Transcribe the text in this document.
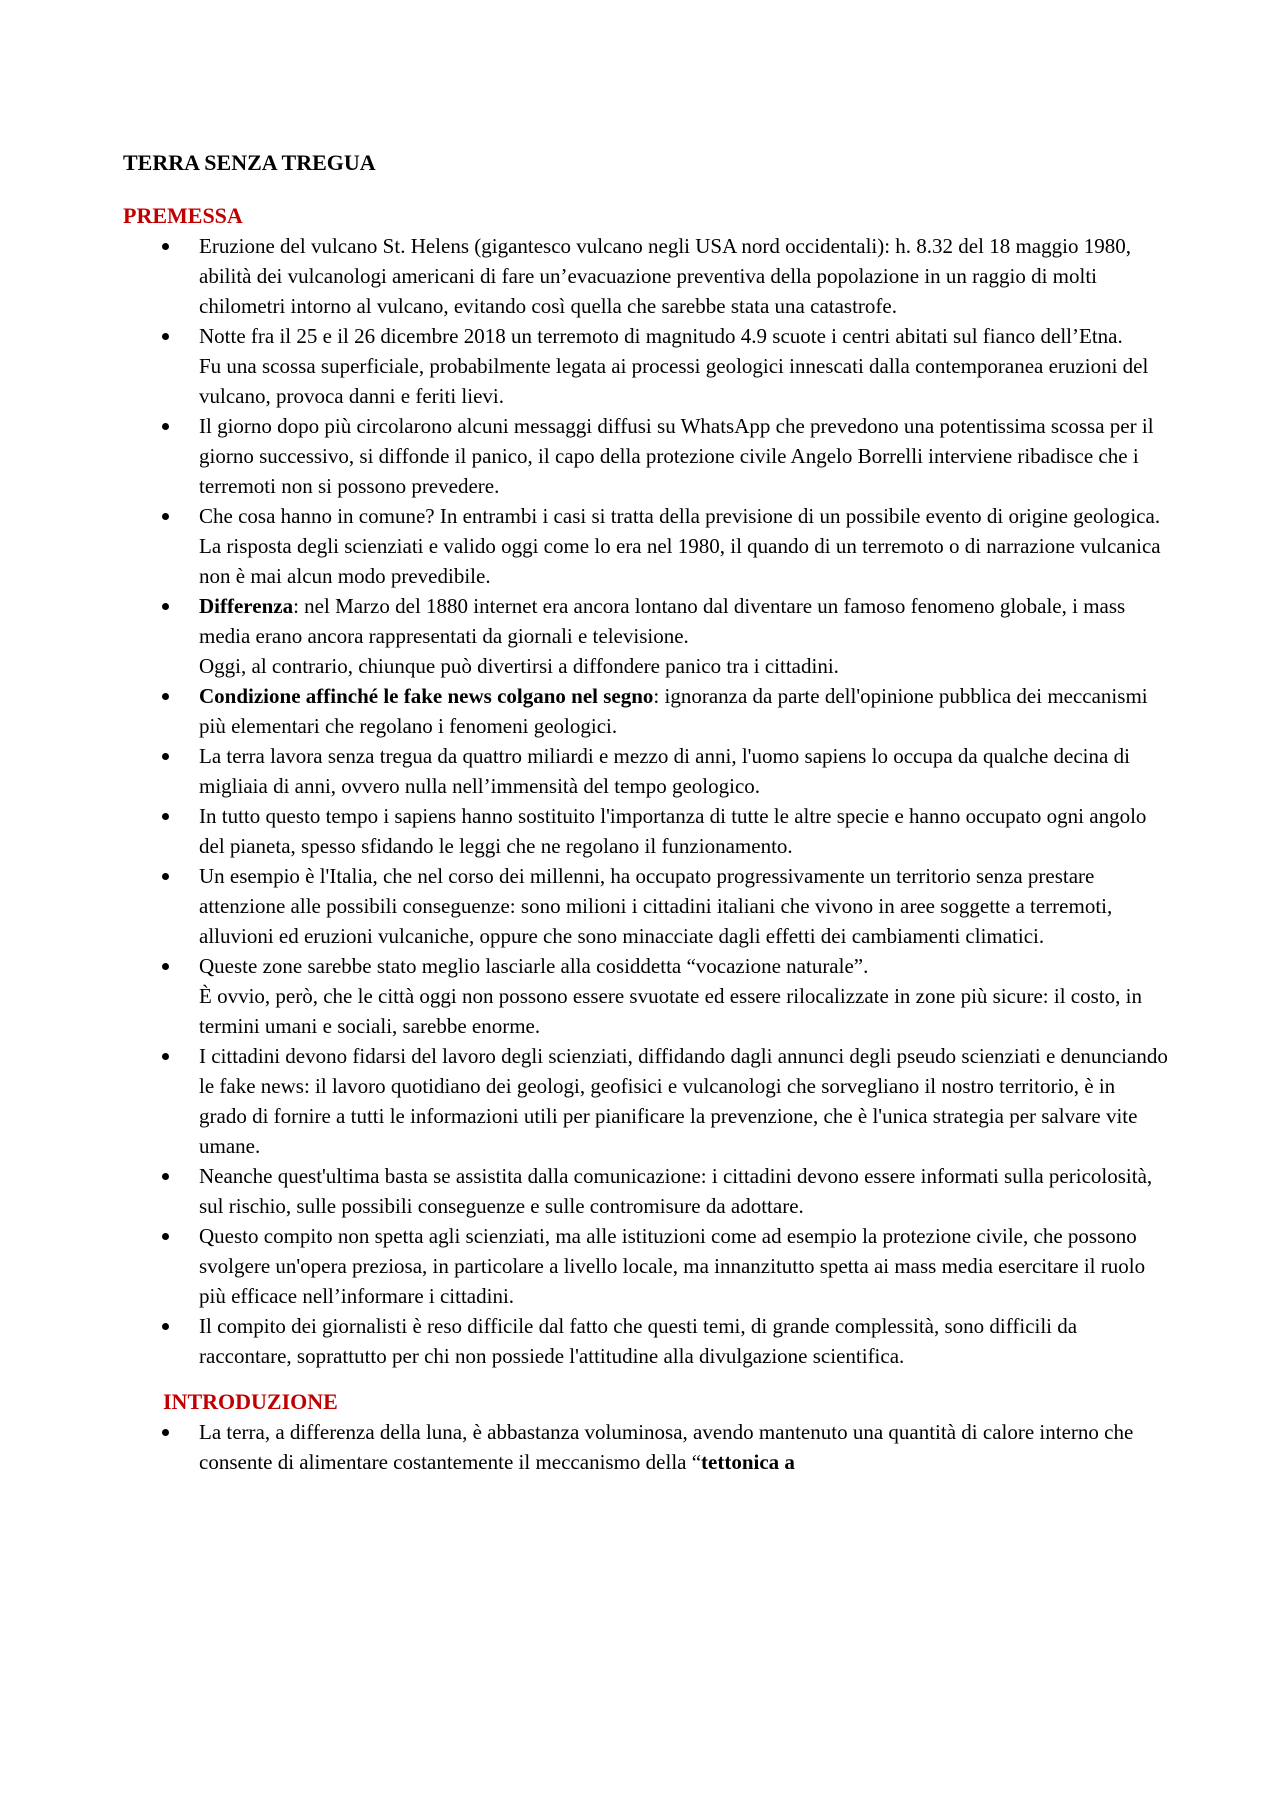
TERRA SENZA TREGUA
PREMESSA
Eruzione del vulcano St. Helens (gigantesco vulcano negli USA nord occidentali): h. 8.32 del 18 maggio 1980, abilità dei vulcanologi americani di fare un’evacuazione preventiva della popolazione in un raggio di molti chilometri intorno al vulcano, evitando così quella che sarebbe stata una catastrofe.
Notte fra il 25 e il 26 dicembre 2018 un terremoto di magnitudo 4.9 scuote i centri abitati sul fianco dell’Etna.
Fu una scossa superficiale, probabilmente legata ai processi geologici innescati dalla contemporanea eruzioni del vulcano, provoca danni e feriti lievi.
Il giorno dopo più circolarono alcuni messaggi diffusi su WhatsApp che prevedono una potentissima scossa per il giorno successivo, si diffonde il panico, il capo della protezione civile Angelo Borrelli interviene ribadisce che i terremoti non si possono prevedere.
Che cosa hanno in comune? In entrambi i casi si tratta della previsione di un possibile evento di origine geologica. La risposta degli scienziati e valido oggi come lo era nel 1980, il quando di un terremoto o di narrazione vulcanica non è mai alcun modo prevedibile.
Differenza: nel Marzo del 1880 internet era ancora lontano dal diventare un famoso fenomeno globale, i mass media erano ancora rappresentati da giornali e televisione.
Oggi, al contrario, chiunque può divertirsi a diffondere panico tra i cittadini.
Condizione affinché le fake news colgano nel segno: ignoranza da parte dell'opinione pubblica dei meccanismi più elementari che regolano i fenomeni geologici.
La terra lavora senza tregua da quattro miliardi e mezzo di anni, l'uomo sapiens lo occupa da qualche decina di migliaia di anni, ovvero nulla nell’immensità del tempo geologico.
In tutto questo tempo i sapiens hanno sostituito l'importanza di tutte le altre specie e hanno occupato ogni angolo del pianeta, spesso sfidando le leggi che ne regolano il funzionamento.
Un esempio è l'Italia, che nel corso dei millenni, ha occupato progressivamente un territorio senza prestare attenzione alle possibili conseguenze: sono milioni i cittadini italiani che vivono in aree soggette a terremoti, alluvioni ed eruzioni vulcaniche, oppure che sono minacciate dagli effetti dei cambiamenti climatici.
Queste zone sarebbe stato meglio lasciarle alla cosiddetta “vocazione naturale”.
È ovvio, però, che le città oggi non possono essere svuotate ed essere rilocalizzate in zone più sicure: il costo, in termini umani e sociali, sarebbe enorme.
I cittadini devono fidarsi del lavoro degli scienziati, diffidando dagli annunci degli pseudo scienziati e denunciando le fake news: il lavoro quotidiano dei geologi, geofisici e vulcanologi che sorvegliano il nostro territorio, è in grado di fornire a tutti le informazioni utili per pianificare la prevenzione, che è l'unica strategia per salvare vite umane.
Neanche quest'ultima basta se assistita dalla comunicazione: i cittadini devono essere informati sulla pericolosità, sul rischio, sulle possibili conseguenze e sulle contromisure da adottare.
Questo compito non spetta agli scienziati, ma alle istituzioni come ad esempio la protezione civile, che possono svolgere un'opera preziosa, in particolare a livello locale, ma innanzitutto spetta ai mass media esercitare il ruolo più efficace nell’informare i cittadini.
Il compito dei giornalisti è reso difficile dal fatto che questi temi, di grande complessità, sono difficili da raccontare, soprattutto per chi non possiede l'attitudine alla divulgazione scientifica.
INTRODUZIONE
La terra, a differenza della luna, è abbastanza voluminosa, avendo mantenuto una quantità di calore interno che consente di alimentare costantemente il meccanismo della “tettonica a
